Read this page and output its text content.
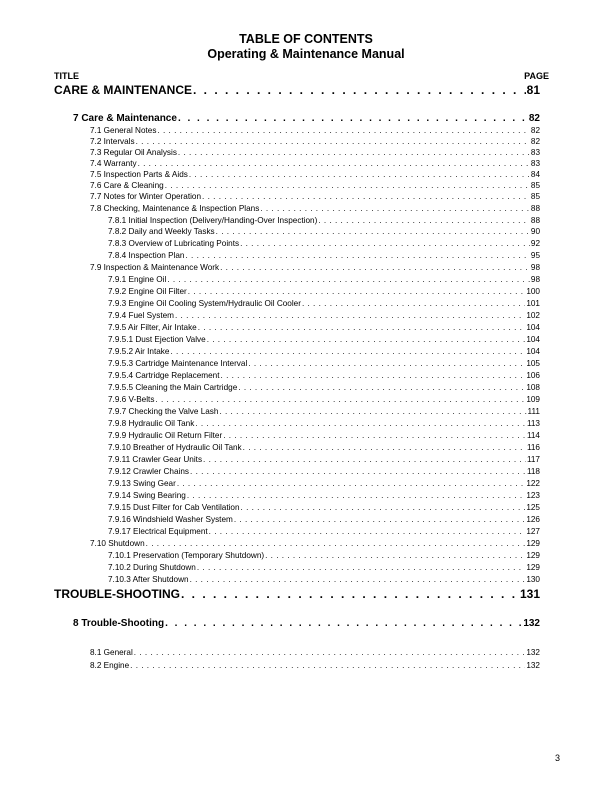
TABLE OF CONTENTS
Operating & Maintenance Manual
TITLE	PAGE
CARE & MAINTENANCE . . .	81
7 Care & Maintenance . . .	82
7.1 General Notes . . .	82
7.2 Intervals . . .	82
7.3 Regular Oil Analysis . . .	83
7.4 Warranty . . .	83
7.5 Inspection Parts & Aids . . .	84
7.6 Care & Cleaning . . .	85
7.7 Notes for Winter Operation . . .	85
7.8 Checking, Maintenance & Inspection Plans . . .	88
7.8.1 Initial Inspection (Delivery/Handing-Over Inspection) . . .	88
7.8.2 Daily and Weekly Tasks . . .	90
7.8.3 Overview of Lubricating Points . . .	92
7.8.4 Inspection Plan . . .	95
7.9 Inspection & Maintenance Work . . .	98
7.9.1 Engine Oil . . .	98
7.9.2 Engine Oil Filter . . .	100
7.9.3 Engine Oil Cooling System/Hydraulic Oil Cooler . . .	101
7.9.4 Fuel System . . .	102
7.9.5 Air Filter, Air Intake . . .	104
7.9.5.1 Dust Ejection Valve . . .	104
7.9.5.2 Air Intake . . .	104
7.9.5.3 Cartridge Maintenance Interval . . .	105
7.9.5.4 Cartridge Replacement . . .	106
7.9.5.5 Cleaning the Main Cartridge . . .	108
7.9.6 V-Belts . . .	109
7.9.7 Checking the Valve Lash . . .	111
7.9.8 Hydraulic Oil Tank . . .	113
7.9.9 Hydraulic Oil Return Filter . . .	114
7.9.10 Breather of Hydraulic Oil Tank . . .	116
7.9.11 Crawler Gear Units . . .	117
7.9.12 Crawler Chains . . .	118
7.9.13 Swing Gear . . .	122
7.9.14 Swing Bearing . . .	123
7.9.15 Dust Filter for Cab Ventilation . . .	125
7.9.16 Windshield Washer System . . .	126
7.9.17 Electrical Equipment . . .	127
7.10 Shutdown . . .	129
7.10.1 Preservation (Temporary Shutdown) . . .	129
7.10.2 During Shutdown . . .	129
7.10.3 After Shutdown . . .	130
TROUBLE-SHOOTING . . .	131
8 Trouble-Shooting . . .	132
8.1 General . . .	132
8.2 Engine . . .	132
3
